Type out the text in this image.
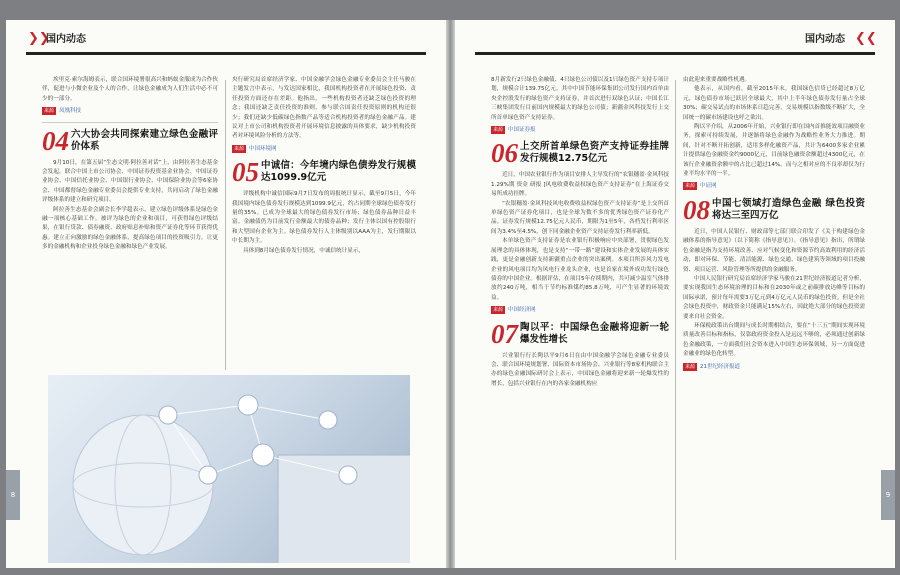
❯❯
国内动态

埃里克·索尔海姆表示，联合国环境署很高兴和蚂蚁金服成为合作伙伴，促进与小微企业及个人的合作，让绿色金融成为人们生活中必不可少的一部分。

来源 凤凰科技
04 六大协会共同探索建立绿色金融评价体系

9月10日，在第五届“生态文明·阿拉善对话”上，由阿拉善生态基金会发起，联合中国上市公司协会、中国证券投资基金业协会、中国证券业协会、中国信托业协会、中国银行业协会、中国保险业协会等6家协会、中国都督绿色金融专业委员会提供专业支持，共同启动了绿色金融评级体系的建立和研究项目。

阿拉善生态基金会副会长李学超表示，建立绿色评级体系是绿色金融一项核心基础工作。被评为绿色的企业和项目，可获得绿色评级结果，在银行贷款、债券融资、政府贴息补贴和资产证券化等环节获得优惠。建立正向激励的绿色金融体系，提高绿色项目的投资吸引力，让更多的金融机构和企业投身绿色金融和绿色产业发展。

央行研究局首席经济学家、中国金融学会绿色金融专业委员会主任马骏在主题发言中表示，与发达国家相比，我国机构投资者在开展绿色投资、责任投资方面还存在差距。他指出，一些机构投资者还缺乏绿色投资的理念；我国还缺乏责任投资的准则，参与联合国责任投资原则的机构还很少；我们还缺少低碳绿色指数产品等适合机构投资者的绿色金融产品。建议对上市公司和机构投资者开展环境信息披露的具体要求，缺少机构投资者对环境风险分析的方法等。

来源 中国环境网
05 中诚信：今年境内绿色债券发行规模达1099.9亿元

评级机构中诚信国际9月7日发布的周报统计显示，截至9月5日，今年我国境内绿色债券发行规模达到1099.9亿元，约占同期全球绿色债券发行量的35%。已成为全球最大的绿色债券发行市场；绿色债券品种日益丰富。金融债仍为目前发行金额最大的债券品种；发行主体以国有控股银行和大型国有企业为主。绿色债券发行人主体级别以AAA为主，发行期限以中长期为主。

具体到8月绿色债券发行情况，中诚信统计显示，

8
国内动态 ❮❮

8月新发行2只绿色金融债、4只绿色公司债以及1只绿色资产支持专项计划，规模合计139.75亿元。其中中国节能环保集团公司发行国内首单由央企控股发行的绿色资产支持证券，并首次进行双绿色认证；中国长江三峡集团发行目前国内规模最大的绿色公司债；新疆金风科技发行上交所首单绿色资产支持证券。

来源 中国证券报
06 上交所首单绿色资产支持证券挂牌 发行规模12.75亿元

近日，中国农业银行作为项目安排人主导发行的“农银穗盈·金风科技1.29%期 资金 研报 ]风电收费收益权绿色资产支持证券”在上海证券交易所成功挂牌。

“农银穗盈·金风科技风电收费收益权绿色资产支持证券”是上交所首单绿色资产证券化项目，也是全球为数不多的优秀绿色资产证券化产品。证券发行规模12.75亿元人民币，期限为1至5年，各档发行利率区间为3.4%至4.5%，创下同金融企业资产支持证券发行利率新低。

本单绿色资产支持证券是农业银行积极响应中央部署，贯彻绿色发展理念的具体体现，也是支持“一带一路”建设和实体企业发展的具体实践，更是金融创新支持新疆重点企业的突出案例。本项目所涉风力发电企业的风电项目均为风电行业龙头企业，也是首家在境外成功发行绿色债券的中国企业。根据评估，在项目5年存续期内，共可减少温室气体排放约240万吨，相当于节约标准煤约85.8万吨，可产生显著的环境效益。

来源 中国经济网
07 陶以平：中国绿色金融将迎新一轮爆发性增长

兴业银行行长陶以平9月6日在由中国金融学会绿色金融专业委员会、联合国环境规划署、国际资本市场协会、兴业银行等8家机构联合主办的绿色金融国际研讨会上表示，中国绿色金融将迎来新一轮爆发性的增长，包括兴业银行在内的各家金融机构应

由此迎来重要战略性机遇。

他表示，从国内看，截至2015年末，我国绿色信贷已经超过8万亿元，绿色债券市场已跃居全球最大，其中上半年绿色债券发行量占全球30%；碳交易试点的市场体系日趋完善，交易规模以指数级不断扩大，全国统一的碳市场建设也呼之欲出。

陶以平介绍，从2006年开始，兴业银行即在国内首推能效项目融资业务，探索可持续发展，并逐渐将绿色金融作为战略性业务大力推进。期间，针对不断开拓创新，适用多样化融资产品，共计为6400多家企业累计提供绿色金融资金约9000亿元，目前绿色融资余额超过4300亿元，在该行企业融资余额中的占比已超过14%。而与之相对应的不良率却仅为行业平均水平的一半。

来源 中证网
08 中国七领域打造绿色金融 绿色投资将达三至四万亿

近日，中国人民银行、财政部等七部门联合印发了《关于构建绿色金融体系的指导意见》（以下简称《指导意见》）。《指导意见》指出，所谓绿色金融是指为支持环境改善、应对气候变化和资源节约高效利用的经济活动，即对环保、节能、清洁能源、绿色交通、绿色建筑等领域的项目投融资、项目运营、风险管理等所提供的金融服务。

中国人民银行研究局首席经济学家马骏在21世纪经济报道记者分析，要实现我国生态环境治理的目标和在2030年或之前碳排放达峰等目标的国际承诺，预计每年需要3万亿元到4万亿元人民币的绿色投资。但是全社会绿色投资中，财政资金只能满足15%左右，因此绝大部分的绿色投资需要来自社会资金。

环保税政策出台期间与成长时期相结合，要在“十三五”期间实现环境质量改善目标和指标，仅靠政府资金投入是远远不够的，必须通过创新绿色金融政策，一方面我们社会资本进入中国生态环保领域，另一方面促进金融业的绿色化转型。

来源 21世纪经济报道
9
